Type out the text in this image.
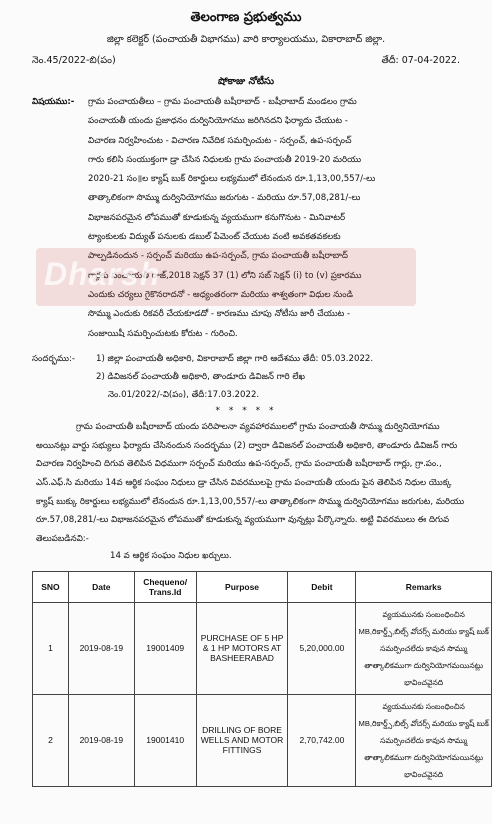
తెలంగాణ ప్రభుత్వము
జిల్లా కలెక్టర్ (పంచాయతీ విభాగము) వారి కార్యాలయము, వికారాబాద్ జిల్లా.
నెం.45/2022-బి(పం)	తేదీ: 07-04-2022.
షోకాజు నోటీసు
విషయము:-	గ్రామ పంచాయతీలు – గ్రామ పంచాయతీ బషీరాబాద్ - బషీరాబాద్ మండలం గ్రామ
పంచాయతీ యందు ప్రజాధనం దుర్వినియోగము జరిగినదని ఫిర్యాదు చేయుట -
విచారణ నిర్వహించుట - విచారణ నివేదిక సమర్పించుట - సర్పంచ్, ఉప-సర్పంచ్
గారు కలిసి సంయుక్తంగా డ్రా చేసిన నిధులకు గ్రామ పంచాయతీ 2019-20 మరియు
2020-21 సం॥ల క్యాష్ బుక్ రికార్డులు లభ్యములో లేనందున రూ.1,13,00,557/-లు
తాత్కాలికంగా సొమ్ము దుర్వినియోగము జరుగుట - మరియు రూ.57,08,281/-లు
విభాజనపరమైన లోపముతో కూడుకున్న వ్యయముగా కనుగొనుట - మినివాటర్
ట్యాంకులకు విద్యుత్ పనులకు డబుల్ పేమెంట్ చేయుట వంటి అవకతవకలకు
పాల్పడినందున - సర్పంచ్ మరియు ఉప-సర్పంచ్, గ్రామ పంచాయతీ బషీరాబాద్
గార్లకు పంచాయతీ రాజ్,2018 సెక్షన్ 37 (1) లోని సబ్ సెక్షన్ (i) to (v) ప్రకారము
ఎందుకు చర్యలు గైకొనరాదనో - అధ్యంతరంగా మరియు శాశ్వతంగా విధుల నుండి
సొమ్ము ఎందుకు రికవరీ చేయకూడదో - కారణము చూపు నోటీసు జారీ చేయుట -
సంజాయిషీ సమర్పించుటకు కోరుట - గురించి.
సందర్భము:-	1) జిల్లా పంచాయతీ అధికారి, వికారాబాద్ జిల్లా గారి ఆదేశము తేదీ: 05.03.2022.
2) డివిజనల్ పంచాయతీ అధికారి, తాండూరు డివిజన్ గారి లేఖ
నెం.01/2022/-వి(పం), తేదీ:17.03.2022.
* * * * *
గ్రామ పంచాయతీ బషీరాబాద్ యందు పరిపాలనా వ్యవహారములలో గ్రామ పంచాయతీ సొమ్ము దుర్వినియోగము అయినట్లు వార్డు సభ్యులు ఫిర్యాదు చేసినందున సందర్భము (2) ద్వారా డివిజనల్ పంచాయతీ అధికారి, తాండూరు డివిజన్ గారు విచారణ నిర్వహించి దిగువ తెలిపిన విధముగా సర్పంచ్ మరియు ఉప-సర్పంచ్, గ్రామ పంచాయతీ బషీరాబాద్ గార్లు, గ్రా.పం., ఎస్.ఎఫ్.సి మరియు 14వ ఆర్థిక సంఘం నిధులు డ్రా చేసిన వివరములపై గ్రామ పంచాయతీ యందు పైన తెలిపిన నిధుల యొక్క క్యాష్ బుక్కు రికార్డులు లభ్యములో లేనందున రూ.1,13,00,557/-లు తాత్కాలికంగా సొమ్ము దుర్వినియోగము జరుగుట, మరియు రూ.57,08,281/-లు విభాజనపరమైన లోపముతో కూడుకున్న వ్యయముగా వున్నట్లు పేర్కొన్నారు. అట్టి వివరములు ఈ దిగువ తెలుపబడినవి:-
14 వ ఆర్థిక సంఘం నిధుల ఖర్చులు.
SNO	Date	Chequeno/ Trans.Id	Purpose	Debit	Remarks
1	2019-08-19	19001409	PURCHASE OF 5 HP & 1 HP MOTORS AT BASHEERABAD	5,20,000.00	వ్యయమునకు సంబంధించిన MB,రికార్డ్స్,బిల్స్ వోచర్స్ మరియు క్యాష్ బుక్ సమర్పించలేదు కావున సొమ్ము తాత్కాలికముగా దుర్వినియోగమయినట్లు భావించవైనది
2	2019-08-19	19001410	DRILLING OF BORE WELLS AND MOTOR FITTINGS	2,70,742.00	వ్యయమునకు సంబంధించిన MB,రికార్డ్స్,బిల్స్ వోచర్స్ మరియు క్యాష్ బుక్ సమర్పించలేదు కావున సొమ్ము తాత్కాలికముగా దుర్వినియోగమయినట్లు భావించవైనది
Dharsh
